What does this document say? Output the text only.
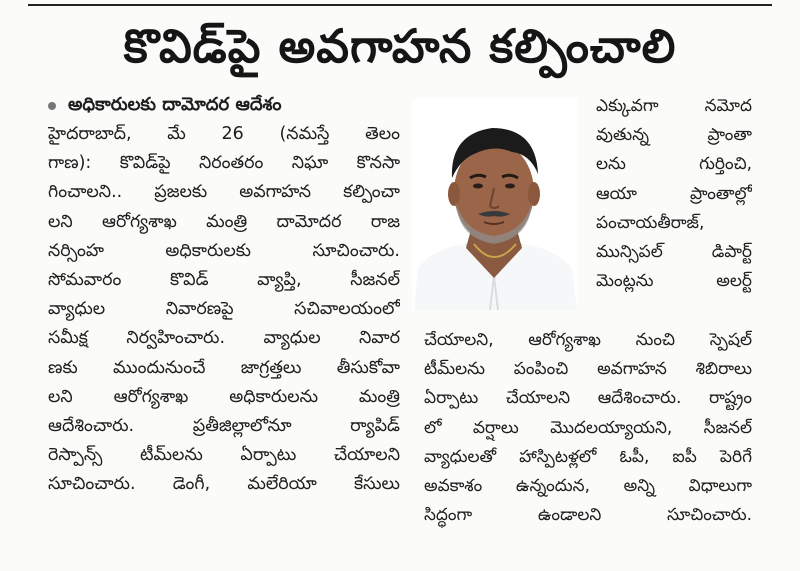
కొవిడ్‌పై అవగాహన కల్పించాలి
అధికారులకు దామోదర ఆదేశం
హైదరాబాద్, మే 26 (నమస్తే తెలం
గాణ): కొవిడ్‌పై నిరంతరం నిఘా కొనసా
గించాలని.. ప్రజలకు అవగాహన కల్పించా
లని ఆరోగ్యశాఖ మంత్రి దామోదర రాజ
నర్సింహ అధికారులకు సూచించారు.
సోమవారం కొవిడ్ వ్యాప్తి, సీజనల్
వ్యాధుల నివారణపై సచివాలయంలో
సమీక్ష నిర్వహించారు. వ్యాధుల నివార
ణకు ముందునుంచే జాగ్రత్తలు తీసుకోవా
లని ఆరోగ్యశాఖ అధికారులను మంత్రి
ఆదేశించారు. ప్రతీజిల్లాలోనూ ర్యాపిడ్
రెస్పాన్స్ టీమ్‌లను ఏర్పాటు చేయాలని
సూచించారు. డెంగీ, మలేరియా కేసులు
ఎక్కువగా నమోద
వుతున్న ప్రాంతా
లను గుర్తించి,
ఆయా ప్రాంతాల్లో
పంచాయతీరాజ్,
మున్సిపల్ డిపార్ట్
మెంట్లను అలర్ట్
చేయాలని, ఆరోగ్యశాఖ నుంచి స్పెషల్
టీమ్‌లను పంపించి అవగాహన శిబిరాలు
ఏర్పాటు చేయాలని ఆదేశించారు. రాష్ట్రం
లో వర్షాలు మొదలయ్యాయని, సీజనల్
వ్యాధులతో హాస్పిటళ్లలో ఓపీ, ఐపీ పెరిగే
అవకాశం ఉన్నందున, అన్ని విధాలుగా
సిద్ధంగా ఉండాలని సూచించారు.
